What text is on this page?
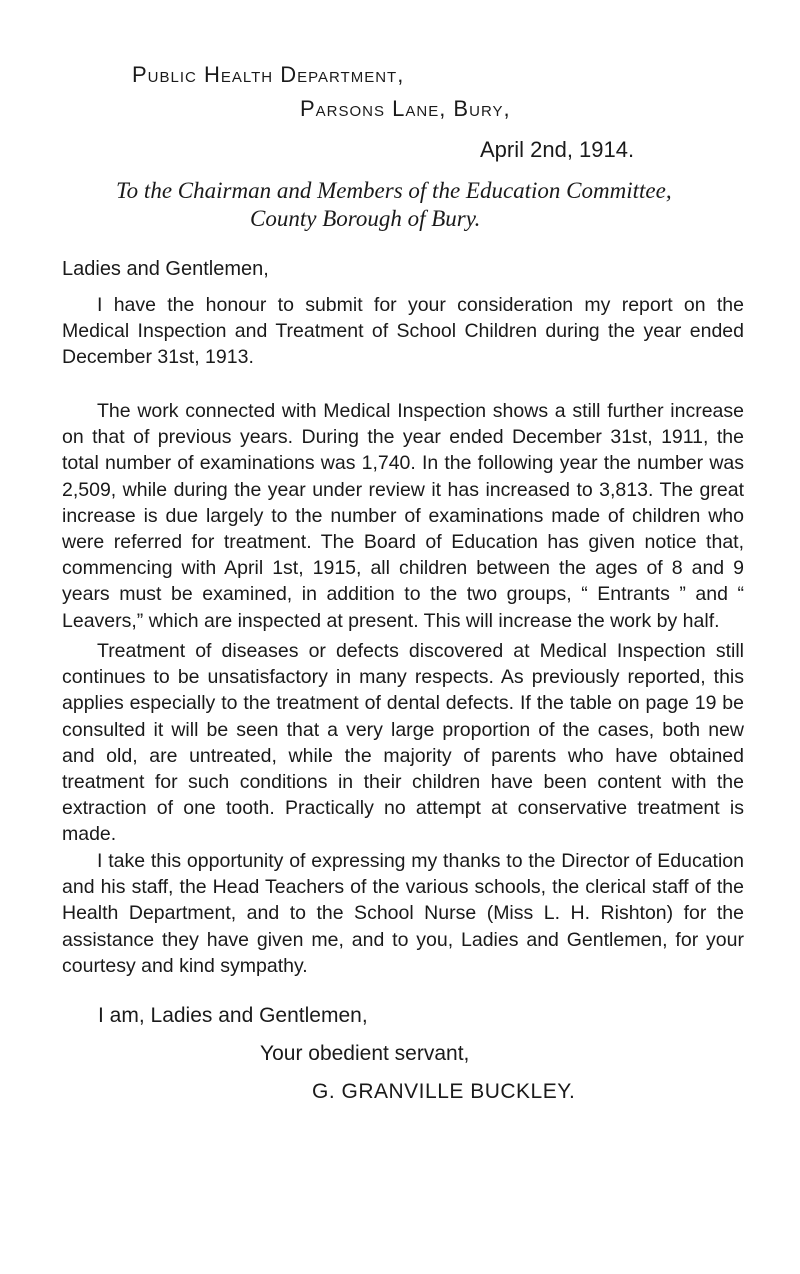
Public Health Department,
Parsons Lane, Bury,
April 2nd, 1914.
To the Chairman and Members of the Education Committee,
County Borough of Bury.
Ladies and Gentlemen,

I have the honour to submit for your consideration my report on the Medical Inspection and Treatment of School Children during the year ended December 31st, 1913.

The work connected with Medical Inspection shows a still further increase on that of previous years. During the year ended December 31st, 1911, the total number of examinations was 1,740. In the following year the number was 2,509, while during the year under review it has increased to 3,813. The great increase is due largely to the number of examinations made of children who were referred for treatment. The Board of Education has given notice that, commencing with April 1st, 1915, all children between the ages of 8 and 9 years must be examined, in addition to the two groups, “ Entrants ” and “ Leavers,” which are inspected at present. This will increase the work by half.

Treatment of diseases or defects discovered at Medical Inspection still continues to be unsatisfactory in many respects. As previously reported, this applies especially to the treatment of dental defects. If the table on page 19 be consulted it will be seen that a very large proportion of the cases, both new and old, are untreated, while the majority of parents who have obtained treatment for such conditions in their children have been content with the extraction of one tooth. Practically no attempt at conservative treatment is made.

I take this opportunity of expressing my thanks to the Director of Education and his staff, the Head Teachers of the various schools, the clerical staff of the Health Department, and to the School Nurse (Miss L. H. Rishton) for the assistance they have given me, and to you, Ladies and Gentlemen, for your courtesy and kind sympathy.

I am, Ladies and Gentlemen,
Your obedient servant,
G. GRANVILLE BUCKLEY.
